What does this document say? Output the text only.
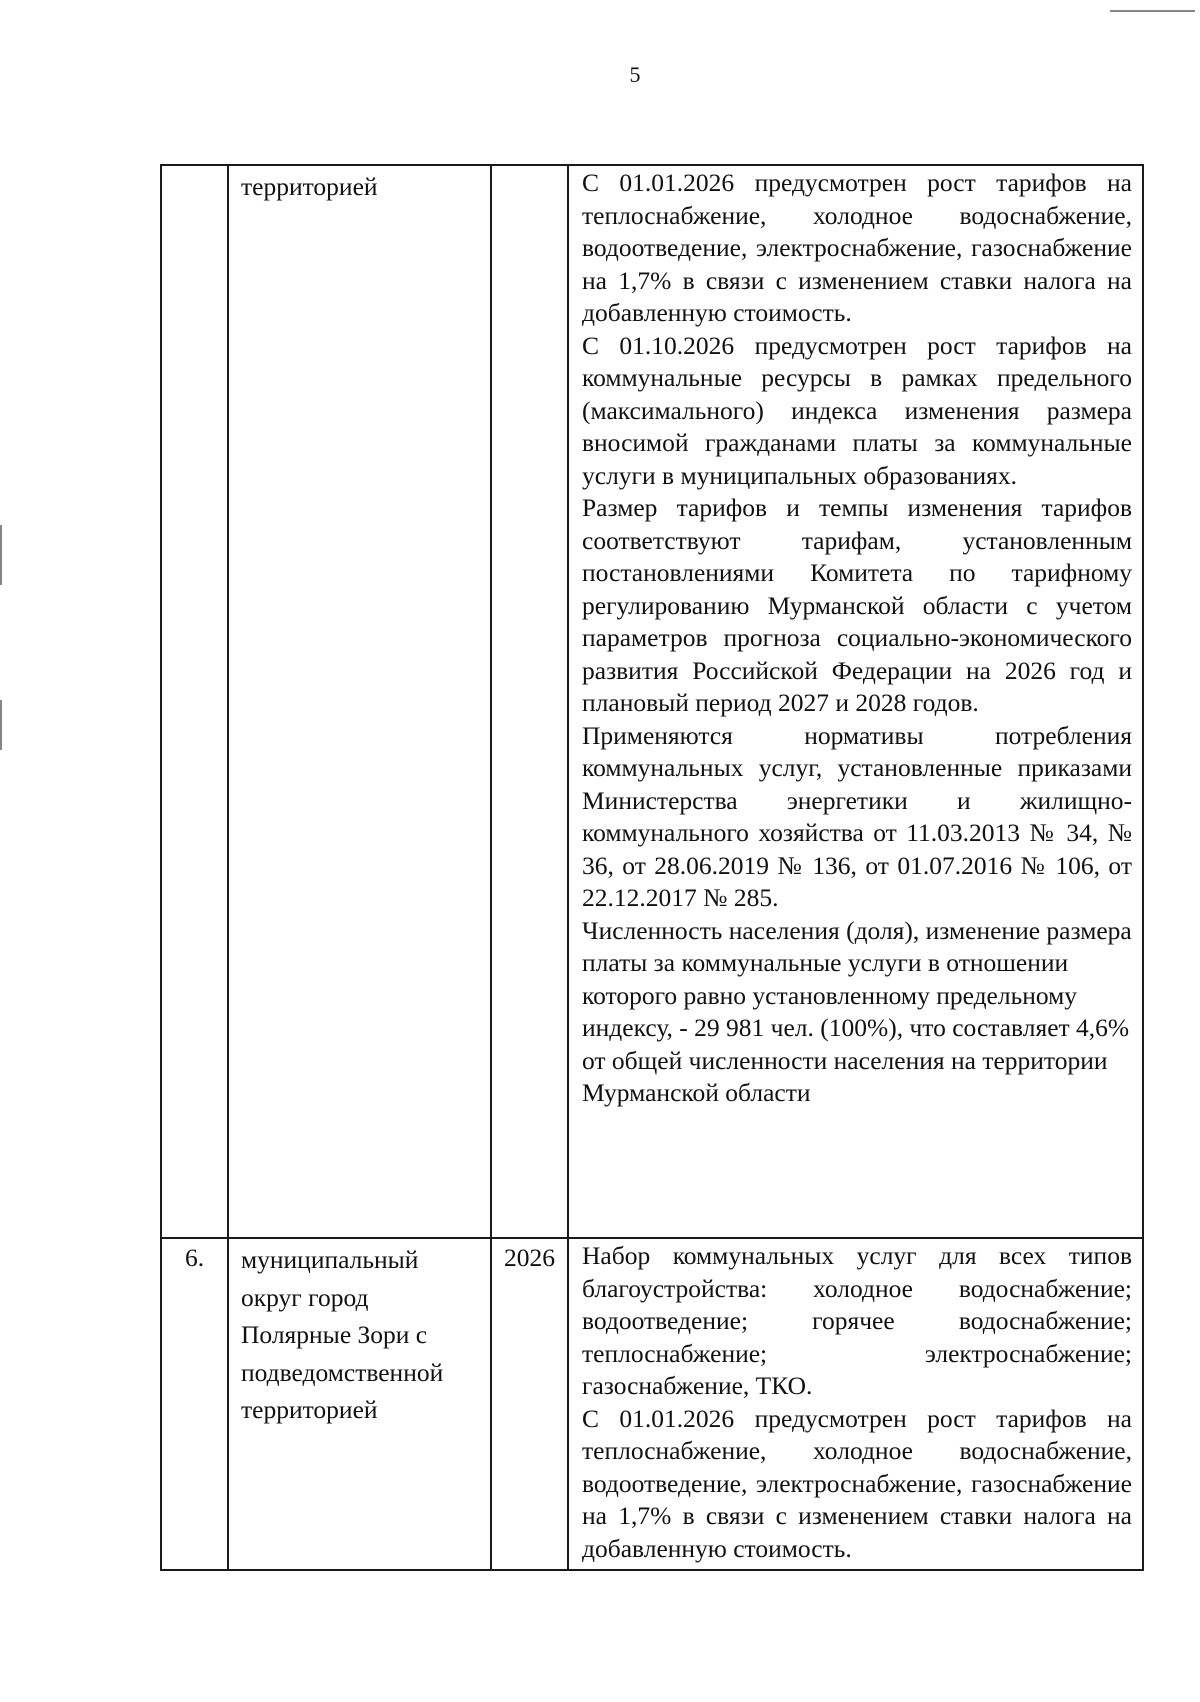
5
	территорией		С 01.01.2026 предусмотрен рост тарифов на теплоснабжение, холодное водоснабжение, водоотведение, электроснабжение, газоснабжение на 1,7% в связи с изменением ставки налога на добавленную стоимость.
С 01.10.2026 предусмотрен рост тарифов на коммунальные ресурсы в рамках предельного (максимального) индекса изменения размера вносимой гражданами платы за коммунальные услуги в муниципальных образованиях.
Размер тарифов и темпы изменения тарифов соответствуют тарифам, установленным постановлениями Комитета по тарифному регулированию Мурманской области с учетом параметров прогноза социально-экономического развития Российской Федерации на 2026 год и плановый период 2027 и 2028 годов.
Применяются нормативы потребления коммунальных услуг, установленные приказами Министерства энергетики и жилищно-коммунального хозяйства от 11.03.2013 № 34, № 36, от 28.06.2019 № 136, от 01.07.2016 № 106, от 22.12.2017 № 285.
Численность населения (доля), изменение размера платы за коммунальные услуги в отношении которого равно установленному предельному индексу, - 29 981 чел. (100%), что составляет 4,6% от общей численности населения на территории Мурманской области

6.	муниципальный округ город Полярные Зори с подведомственной территорией	2026	Набор коммунальных услуг для всех типов благоустройства: холодное водоснабжение; водоотведение; горячее водоснабжение; теплоснабжение; электроснабжение; газоснабжение, ТКО.
С 01.01.2026 предусмотрен рост тарифов на теплоснабжение, холодное водоснабжение, водоотведение, электроснабжение, газоснабжение на 1,7% в связи с изменением ставки налога на добавленную стоимость.
